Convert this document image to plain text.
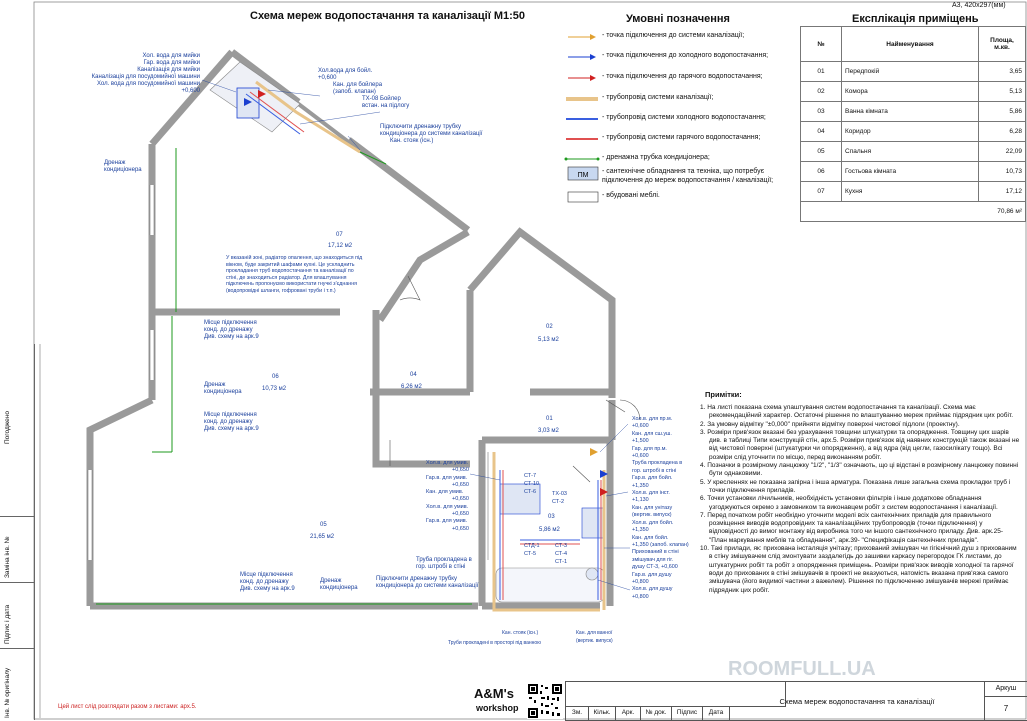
Схема мереж водопостачання та каналізації М1:50
А3, 420х297(мм)
Умовні позначення
- точка підключення до системи каналізації;
- точка підключення до холодного водопостачання;
- точка підключення до гарячого водопостачання;
- трубопровід системи каналізації;
- трубопровід системи холодного водопостачання;
- трубопровід системи гарячого водопостачання;
- дренажна трубка кондиціонера;
ПМ
- сантехнічне обладнання та техніка, що потребує підключення до мереж водопостачання / каналізації;
- вбудовані меблі.
Експлікація приміщень
№	Найменування	Площа, м.кв.
01	Передпокій	3,65
02	Комора	5,13
03	Ванна кімната	5,86
04	Коридор	6,28
05	Спальня	22,09
06	Гостьова кімната	10,73
07	Кухня	17,12
70,86 м²		
07
17,12 м2
06
10,73 м2
05
21,65 м2
04
6,26 м2
03
5,86 м2
02
5,13 м2
01
3,03 м2
Хол. вода для мийки
Гар. вода для мийки
Каналізація для мийки
Каналізація для посудомийної машини
Хол. вода для посудомийної машини
+0,600
Хол.вода для бойл.
+0,600
Кан. для бойлера
(запоб. клапан)
ТХ-08 Бойлер
встан. на підлогу
Підключити дренажну трубку
кондиціонера до системи каналізації
Кан. стояк (існ.)
Дренаж
кондиціонера
У вказаній зоні, радіатор опалення, що знаходиться під
вікном, буде закритий шафами кухні. Це ускладнить
прокладання труб водопостачання та каналізації по
стіні, де знаходиться радіатор. Для влаштування
підключень пропонуємо використати гнучкі з'єднання
(водопровідні шланги, гофровані труби і т.п.)
Місце підключення
конд. до дренажу
Див. схему на арк.9
Дренаж
кондиціонера
Місце підключення
конд. до дренажу
Див. схему на арк.9
Місце підключення
конд. до дренажу
Див. схему на арк.9
Дренаж
кондиціонера
Труба прокладена в
гор. штробі в стіні
Підключити дренажну трубку
кондиціонера до системи каналізації
Хол.в. для умив.
+0,650
Гар.в. для умив.
+0,650
Кан. для умив.
+0,650
Хол.в. для умив.
+0,650
Гар.в. для умив.
+0,650
СТ-7
СТ-10
СТ-6	ТХ-03
СТ-2
СТД-1
СТ-5
СТ-3
СТ-4
СТ-1
Хол.в. для пр.м.
+0,600
Кан. для сш.уш.
+1,500
Гар. для пр.м.
+0,600
Труба прокладена в
гор. штробі в стіні
Гар.в. для бойл.
+1,350
Хол.в. для інст.
+1,130
Кан. для унітазу
(вертик. випуск)
Хол.в. для бойл.
+1,350
Кан. для бойл.
+1,350 (запоб. клапан)
Прихований в стіні
змішувач для гіг.
душу СТ-3, +0,600
Гар.в. для душу
+0,800
Хол.в. для душу
+0,800
Кан. стояк (існ.)
Труби прокладені в просторі під ванною
Кан. для ванної
(вертик. випуск)
Примітки:

1. На листі показана схема улаштування систем водопостачання та каналізації. Схема має рекомендаційний характер. Остаточні рішення по влаштуванню мереж приймає підрядник цих робіт.

2. За умовну відмітку "±0,000" прийняти відмітку поверхні чистової підлоги (проектну).

3. Розміри прив'язок вказані без урахування товщини штукатурки та опорядження. Товщину цих шарів див. в таблиці Типи конструкцій стін, арх.5. Розміри прив'язок від наявних конструкцій також вказані не від чистової поверхні (штукатурки чи опорядження), а від ядра (від цегли, газосилікату тощо). Всі розміри слід уточнити по місцю, перед виконанням робіт.

4. Позначки в розмірному ланцюжку "1/2", "1/3" означають, що ці відстані в розмірному ланцюжку повинні бути однаковими.

5. У кресленнях не показана запірна і інша арматура. Показана лише загальна схема прокладки труб і точки підключення приладів.

6. Точки установки лічильників, необхідність установки фільтрів і інше додаткове обладнання узгоджуються окремо з замовником та виконавцем робіт з систем водопостачання і каналізації.

7. Перед початком робіт необхідно уточнити моделі всіх сантехнічних приладів для правильного розміщення виводів водопровідних та каналізаційних трубопроводів (точки підключення) у відповідності до вимог монтажу від виробника того чи іншого сантехнічного приладу. Див. арк.25- "План маркування меблів та обладнання", арк.39- "Специфікація сантехнічних приладів".

10. Такі прилади, як: прихована інсталяція унітазу; прихований змішувач чи гігієнічний душ з прихованим в стіну змішувачем слід змонтувати заздалегідь до зашивки каркасу перегородок ГК листами, до штукатурних робіт та робіт з опорядження приміщень. Розміри прив'язок виводів холодної та гарячої води до прихованих в стіні змішувачів в проекті не вказуються, натомість вказана прив'язка самого змішувача (його видимої частини з важелем). Рішення по підключенню змішувачів мережі приймає підрядник цих робіт.

Погоджено
Заміна інв. №
Підпис і дата
Інв. № оригіналу	Цей лист слід розглядати разом з листами: арх.5.
A&M's
workshop
ROOMFULL.UA
Зм.	Кільк.	Арк.	№ док.	Підпис	Дата
Схема мереж водопостачання та каналізації
Аркуш
7
